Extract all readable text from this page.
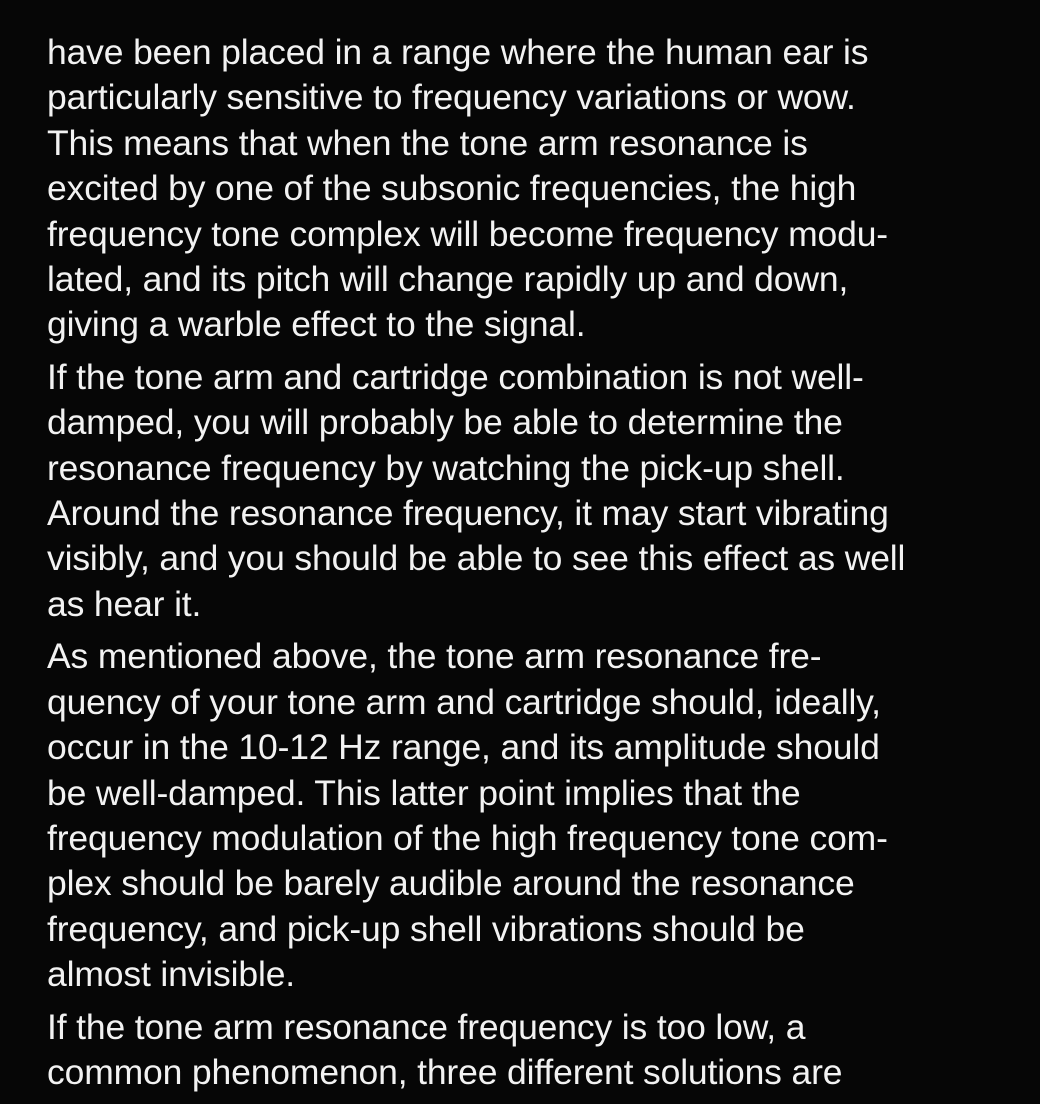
have been placed in a range where the human ear is
particularly sensitive to frequency variations or wow.
This means that when the tone arm resonance is
excited by one of the subsonic frequencies, the high
frequency tone complex will become frequency modu-
lated, and its pitch will change rapidly up and down,
giving a warble effect to the signal.

If the tone arm and cartridge combination is not well-
damped, you will probably be able to determine the
resonance frequency by watching the pick-up shell.
Around the resonance frequency, it may start vibrating
visibly, and you should be able to see this effect as well
as hear it.

As mentioned above, the tone arm resonance fre-
quency of your tone arm and cartridge should, ideally,
occur in the 10-12 Hz range, and its amplitude should
be well-damped. This latter point implies that the
frequency modulation of the high frequency tone com-
plex should be barely audible around the resonance
frequency, and pick-up shell vibrations should be
almost invisible.

If the tone arm resonance frequency is too low, a
common phenomenon, three different solutions are
